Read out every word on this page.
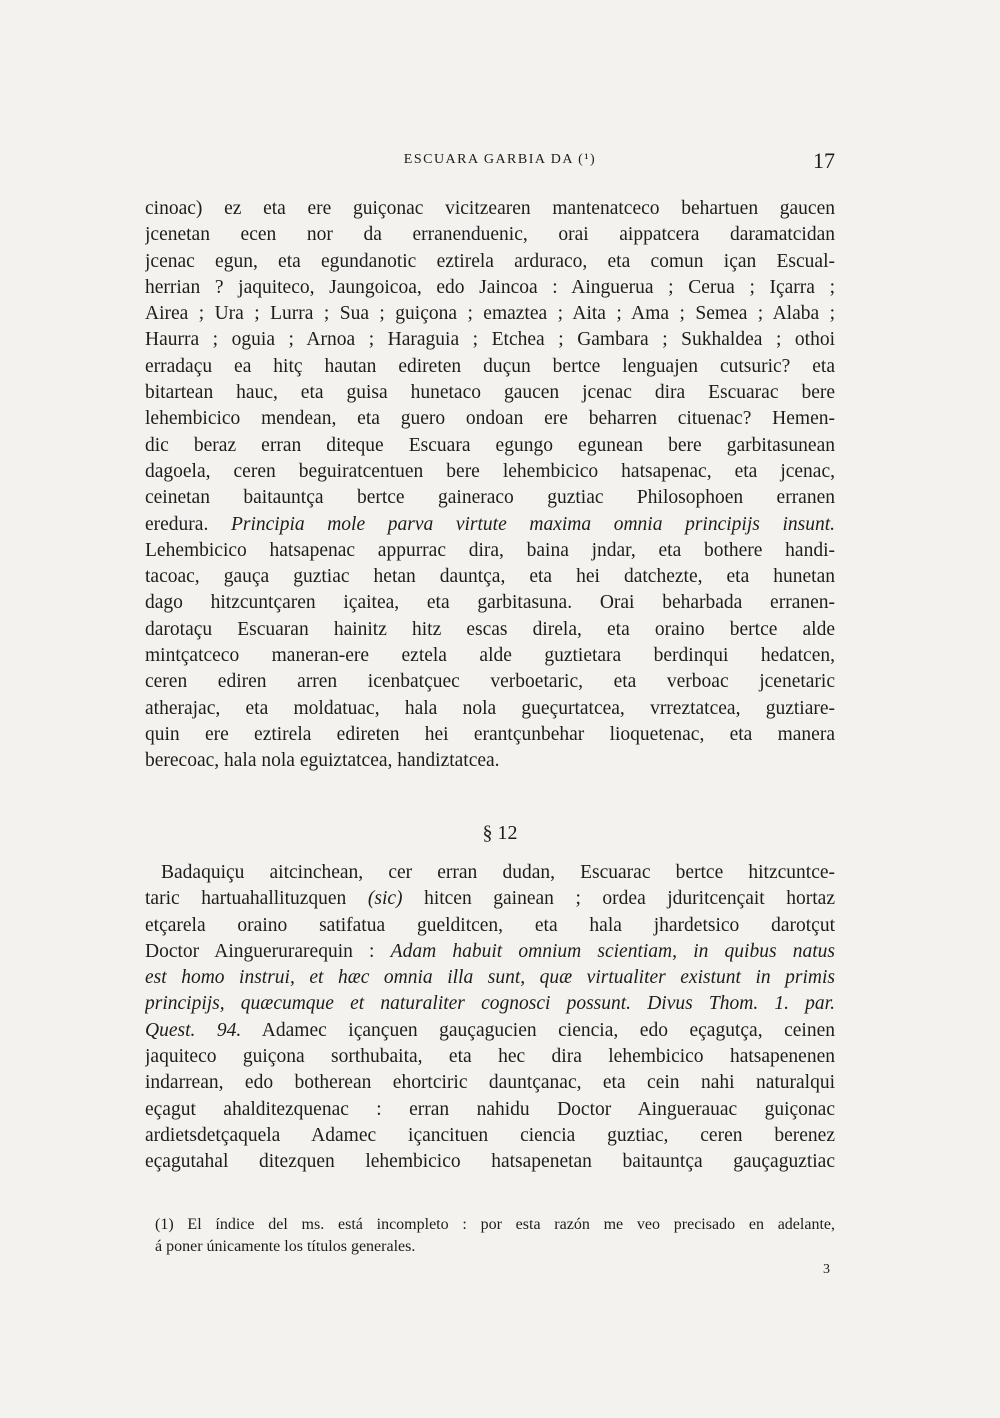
ESCUARA GARBIA DA (¹)	17
cinoac) ez eta ere guiçonac vicitzearen mantenatceco behartuen gaucen
jcenetan ecen nor da erranenduenic, orai aippatcera daramatcidan
jcenac egun, eta egundanotic eztirela arduraco, eta comun içan Escual-
herrian ? jaquiteco, Jaungoicoa, edo Jaincoa : Ainguerua ; Cerua ; Içarra ;
Airea ; Ura ; Lurra ; Sua ; guiçona ; emaztea ; Aita ; Ama ; Semea ; Alaba ;
Haurra ; oguia ; Arnoa ; Haraguia ; Etchea ; Gambara ; Sukhaldea ; othoi
erradaçu ea hitç hautan edireten duçun bertce lenguajen cutsuric? eta
bitartean hauc, eta guisa hunetaco gaucen jcenac dira Escuarac bere
lehembicico mendean, eta guero ondoan ere beharren cituenac? Hemen-
dic beraz erran diteque Escuara egungo egunean bere garbitasunean
dagoela, ceren beguiratcentuen bere lehembicico hatsapenac, eta jcenac,
ceinetan baitauntça bertce gaineraco guztiac Philosophoen erranen
eredura. Principia mole parva virtute maxima omnia principijs insunt.
Lehembicico hatsapenac appurrac dira, baina jndar, eta bothere handi-
tacoac, gauça guztiac hetan dauntça, eta hei datchezte, eta hunetan
dago hitzcuntçaren içaitea, eta garbitasuna. Orai beharbada erranen-
darotaçu Escuaran hainitz hitz escas direla, eta oraino bertce alde
mintçatceco maneran-ere eztela alde guztietara berdinqui hedatcen,
ceren ediren arren icenbatçuec verboetaric, eta verboac jcenetaric
atherajac, eta moldatuac, hala nola gueçurtatcea, vrreztatcea, guztiare-
quin ere eztirela edireten hei erantçunbehar lioquetenac, eta manera
berecoac, hala nola eguiztatcea, handiztatcea.
§ 12
Badaquiçu aitcinchean, cer erran dudan, Escuarac bertce hitzcuntce-
taric hartuahallituzquen (sic) hitcen gainean ; ordea jduritcençait hortaz
etçarela oraino satifatua guelditcen, eta hala jhardetsico darotçut
Doctor Ainguerurarequin : Adam habuit omnium scientiam, in quibus natus
est homo instrui, et hæc omnia illa sunt, quæ virtualiter existunt in primis
principijs, quæcumque et naturaliter cognosci possunt. Divus Thom. 1. par.
Quest. 94. Adamec içançuen gauçagucien ciencia, edo eçagutça, ceinen
jaquiteco guiçona sorthubaita, eta hec dira lehembicico hatsapenenen
indarrean, edo botherean ehortciric dauntçanac, eta cein nahi naturalqui
eçagut ahalditezquenac : erran nahidu Doctor Ainguerauac guiçonac
ardietsdetçaquela Adamec içancituen ciencia guztiac, ceren berenez
eçagutahal ditezquen lehembicico hatsapenetan baitauntça gauçaguztiac
(1) El índice del ms. está incompleto : por esta razón me veo precisado en adelante,
á poner únicamente los títulos generales.
3
